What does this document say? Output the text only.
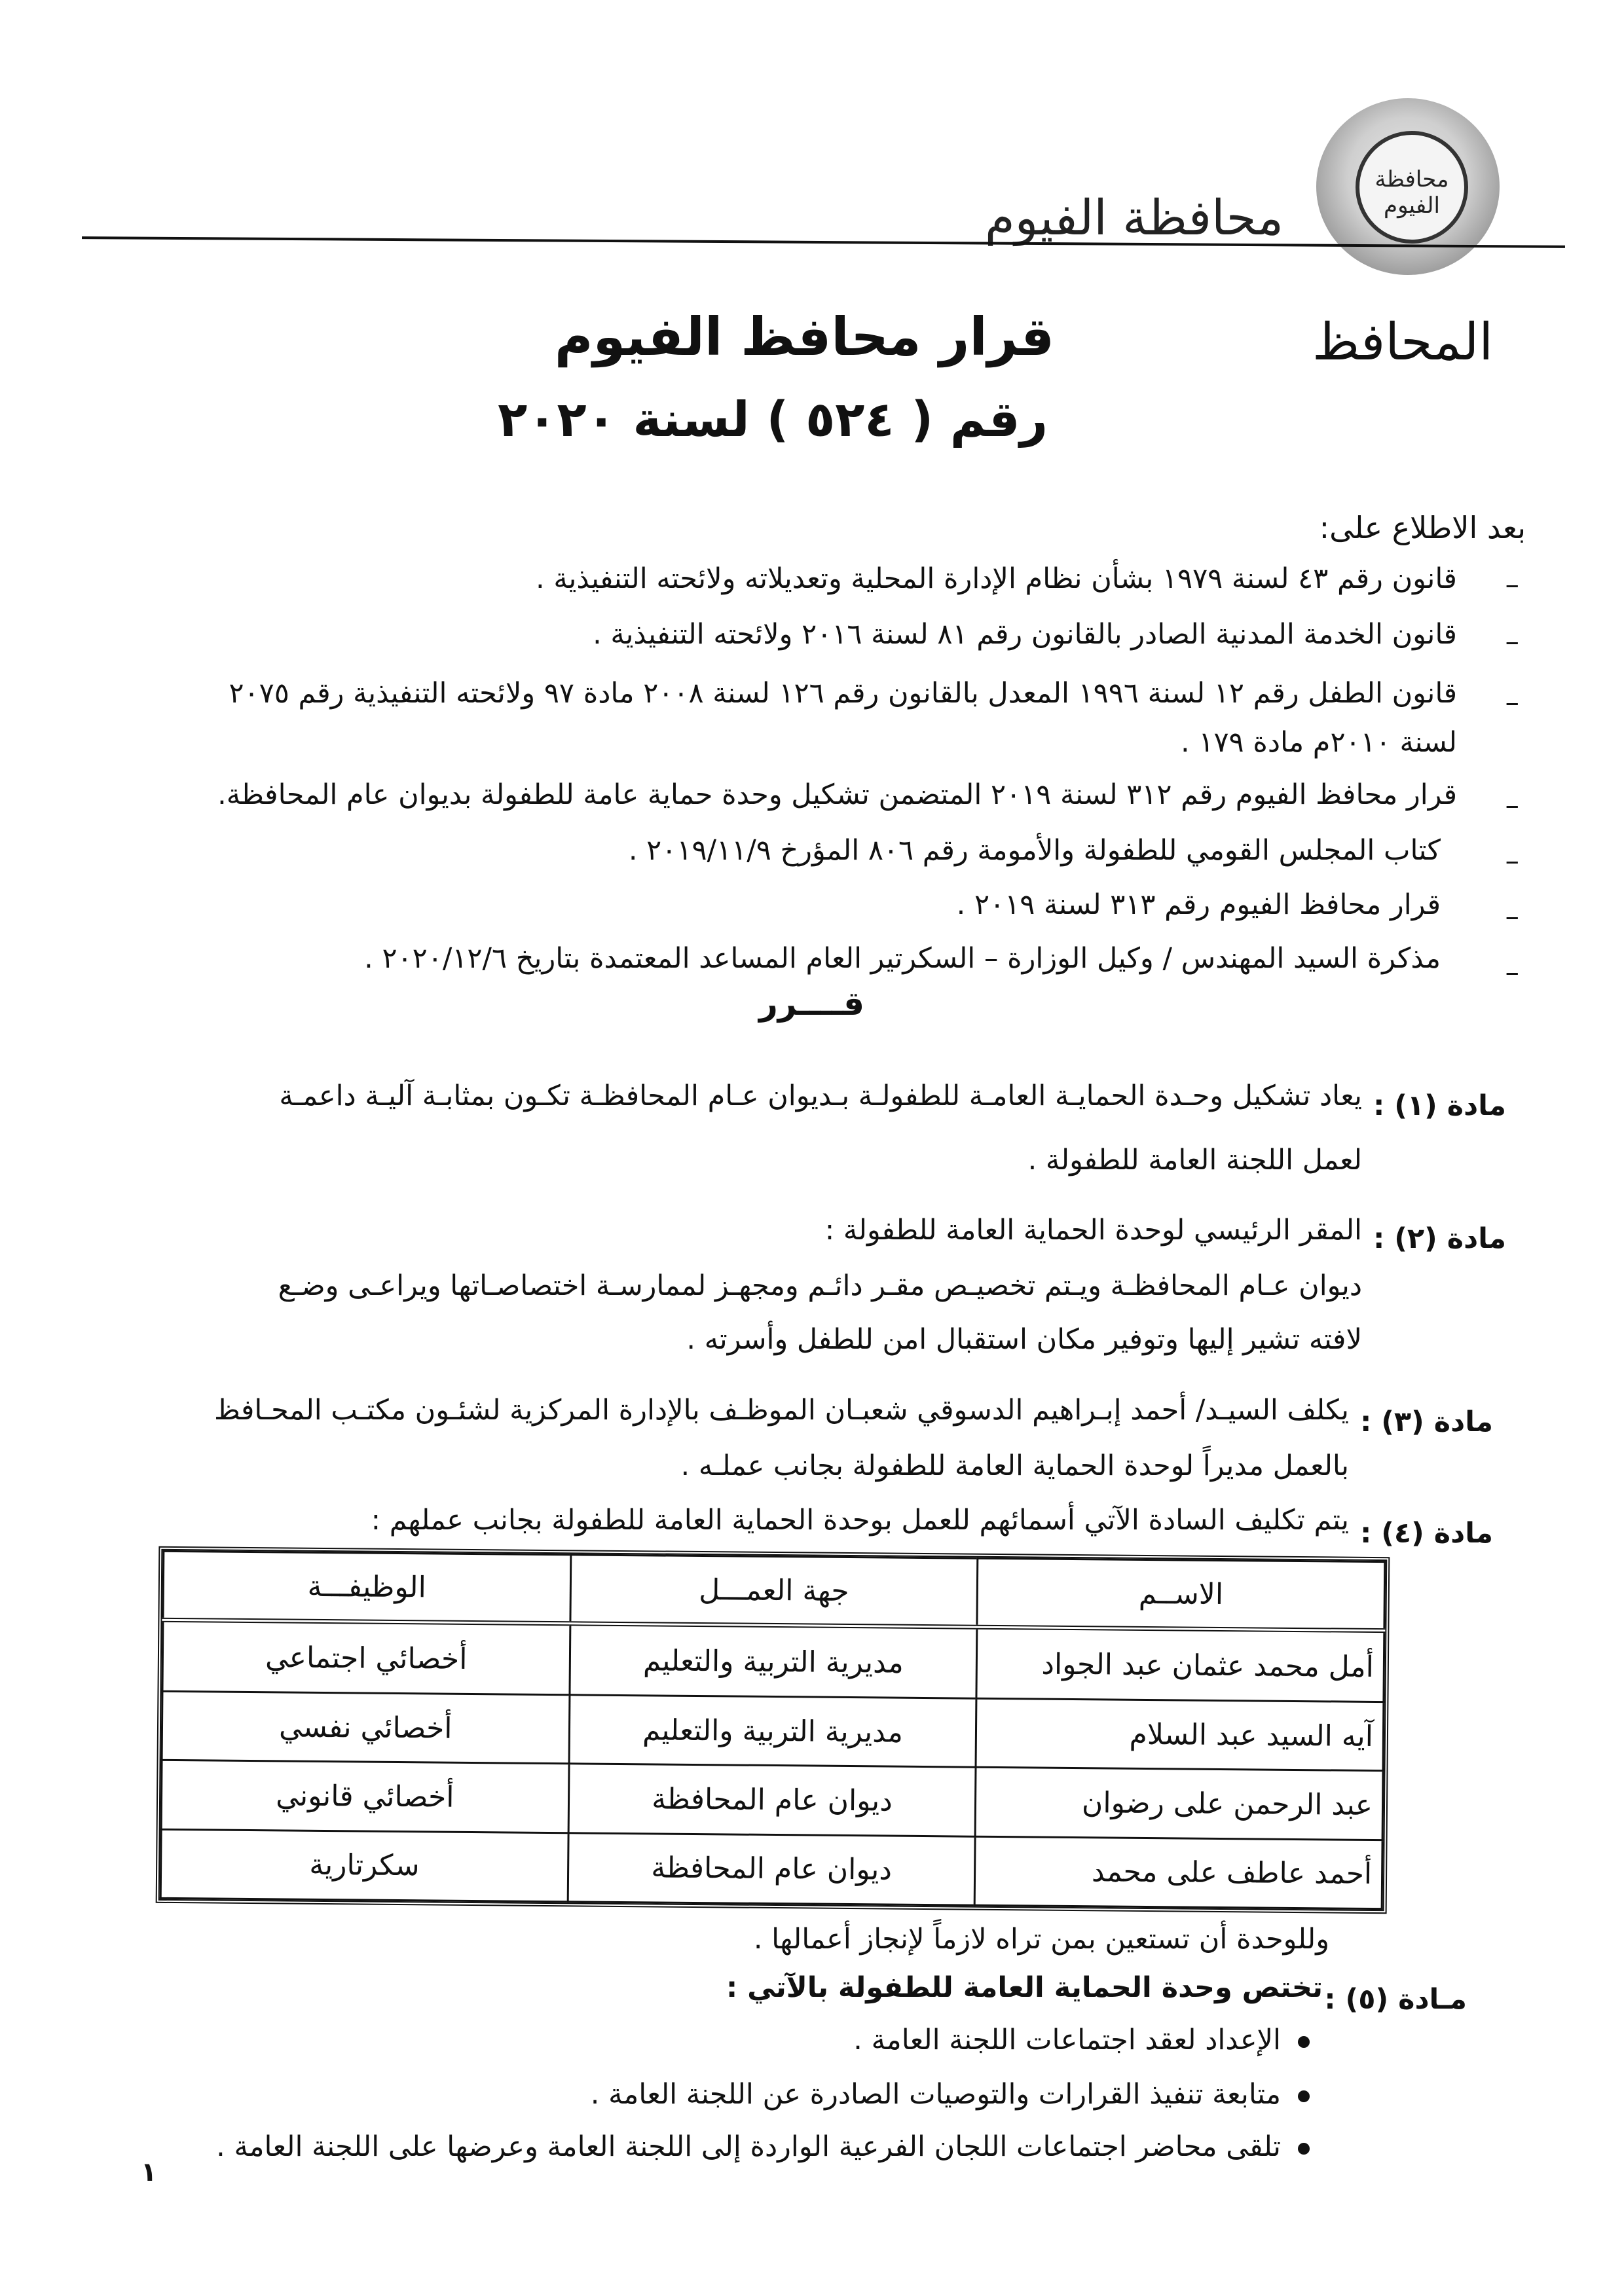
محافظة الفيوم
محافظة الفيوم
المحافظ
قرار محافظ الفيوم
رقم ( ٥٢٤ ) لسنة ٢٠٢٠
بعد الاطلاع على:
–
قانون رقم ٤٣ لسنة ١٩٧٩ بشأن نظام الإدارة المحلية وتعديلاته ولائحته التنفيذية .
–
قانون الخدمة المدنية الصادر بالقانون رقم ٨١ لسنة ٢٠١٦ ولائحته التنفيذية .
–
قانون الطفل رقم ١٢ لسنة ١٩٩٦ المعدل بالقانون رقم ١٢٦ لسنة ٢٠٠٨ مادة ٩٧ ولائحته التنفيذية رقم ٢٠٧٥
لسنة ٢٠١٠م مادة ١٧٩ .
–
قرار محافظ الفيوم رقم ٣١٢ لسنة ٢٠١٩ المتضمن تشكيل وحدة حماية عامة للطفولة بديوان عام المحافظة.
–
كتاب المجلس القومي للطفولة والأمومة رقم ٨٠٦ المؤرخ ٢٠١٩/١١/٩ .
–
قرار محافظ الفيوم رقم ٣١٣ لسنة ٢٠١٩ .
–
مذكرة السيد المهندس / وكيل الوزارة – السكرتير العام المساعد المعتمدة بتاريخ ٢٠٢٠/١٢/٦ .
قــــرر
مادة (١) :
يعاد تشكيل وحـدة الحمايـة العامـة للطفولـة بـديوان عـام المحافظـة تكـون بمثابـة آليـة داعمـة
لعمل اللجنة العامة للطفولة .
مادة (٢) :
المقر الرئيسي لوحدة الحماية العامة للطفولة :
ديوان عـام المحافظـة ويـتم تخصيـص مقـر دائـم ومجهـز لممارسـة اختصاصـاتها ويراعـى وضـع
لافته تشير إليها وتوفير مكان استقبال امن للطفل وأسرته .
مادة (٣) :
يكلف السيـد/ أحمد إبـراهيم الدسوقي شعبـان الموظـف بالإدارة المركزية لشئـون مكتـب المحـافظ
بالعمل مديراً لوحدة الحماية العامة للطفولة بجانب عملـه .
مادة (٤) :
يتم تكليف السادة الآتي أسمائهم للعمل بوحدة الحماية العامة للطفولة بجانب عملهم :
الاســم	جهة العمـــل	الوظيفـــة
أمل محمد عثمان عبد الجواد	مديرية التربية والتعليم	أخصائي اجتماعي
آيه السيد عبد السلام	مديرية التربية والتعليم	أخصائي نفسي
عبد الرحمن على رضوان	ديوان عام المحافظة	أخصائي قانوني
أحمد عاطف على محمد	ديوان عام المحافظة	سكرتارية
وللوحدة أن تستعين بمن تراه لازماً لإنجاز أعمالها .
مـادة (٥) :
تختص وحدة الحماية العامة للطفولة بالآتي :
الإعداد لعقد اجتماعات اللجنة العامة .
متابعة تنفيذ القرارات والتوصيات الصادرة عن اللجنة العامة .
تلقى محاضر اجتماعات اللجان الفرعية الواردة إلى اللجنة العامة وعرضها على اللجنة العامة .
١
